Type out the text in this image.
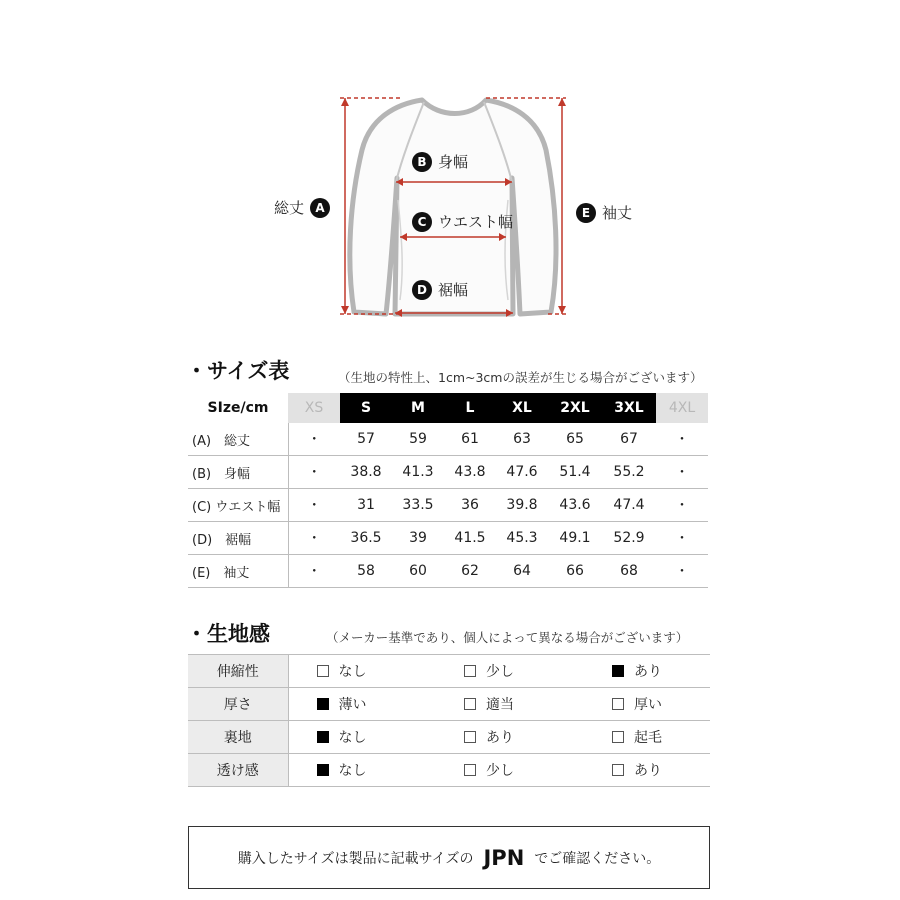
総丈 A
B 身幅
C ウエスト幅
D 裾幅
E 袖丈
・サイズ表	（生地の特性上、1cm~3cmの誤差が生じる場合がございます）
SIze/cm	XS	S	M	L	XL	2XL	3XL	4XL
(A)　総丈	・	57	59	61	63	65	67	・
(B)　身幅	・	38.8	41.3	43.8	47.6	51.4	55.2	・
(C) ウエスト幅	・	31	33.5	36	39.8	43.6	47.4	・
(D)　裾幅	・	36.5	39	41.5	45.3	49.1	52.9	・
(E)　袖丈	・	58	60	62	64	66	68	・
・生地感	（メーカー基準であり、個人によって異なる場合がございます）
伸縮性	なし	少し	あり
厚さ	薄い	適当	厚い
裏地	なし	あり	起毛
透け感	なし	少し	あり
購入したサイズは製品に記載サイズの JPN でご確認ください。
